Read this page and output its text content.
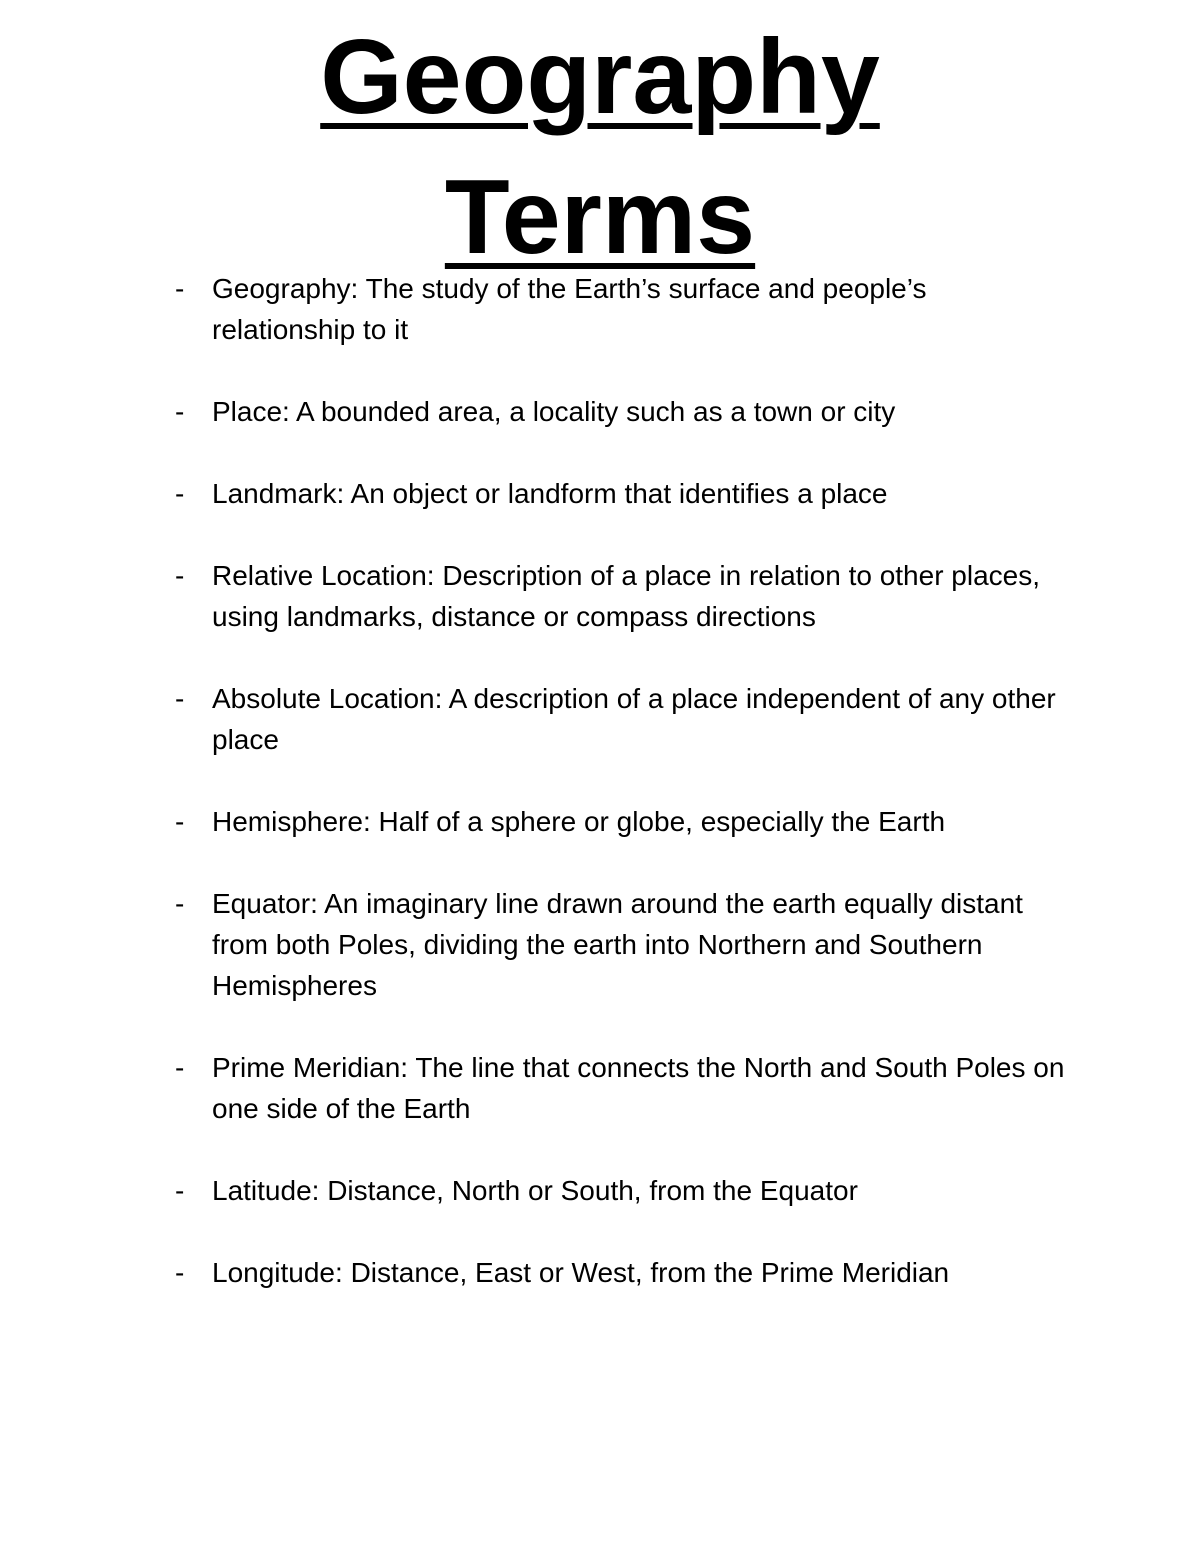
Geography
Terms
- Geography: The study of the Earth’s surface and people’s relationship to it
- Place: A bounded area, a locality such as a town or city
- Landmark: An object or landform that identifies a place
- Relative Location: Description of a place in relation to other places, using landmarks, distance or compass directions
- Absolute Location: A description of a place independent of any other place
- Hemisphere: Half of a sphere or globe, especially the Earth
- Equator: An imaginary line drawn around the earth equally distant from both Poles, dividing the earth into Northern and Southern Hemispheres
- Prime Meridian: The line that connects the North and South Poles on one side of the Earth
- Latitude: Distance, North or South, from the Equator
- Longitude: Distance, East or West, from the Prime Meridian
